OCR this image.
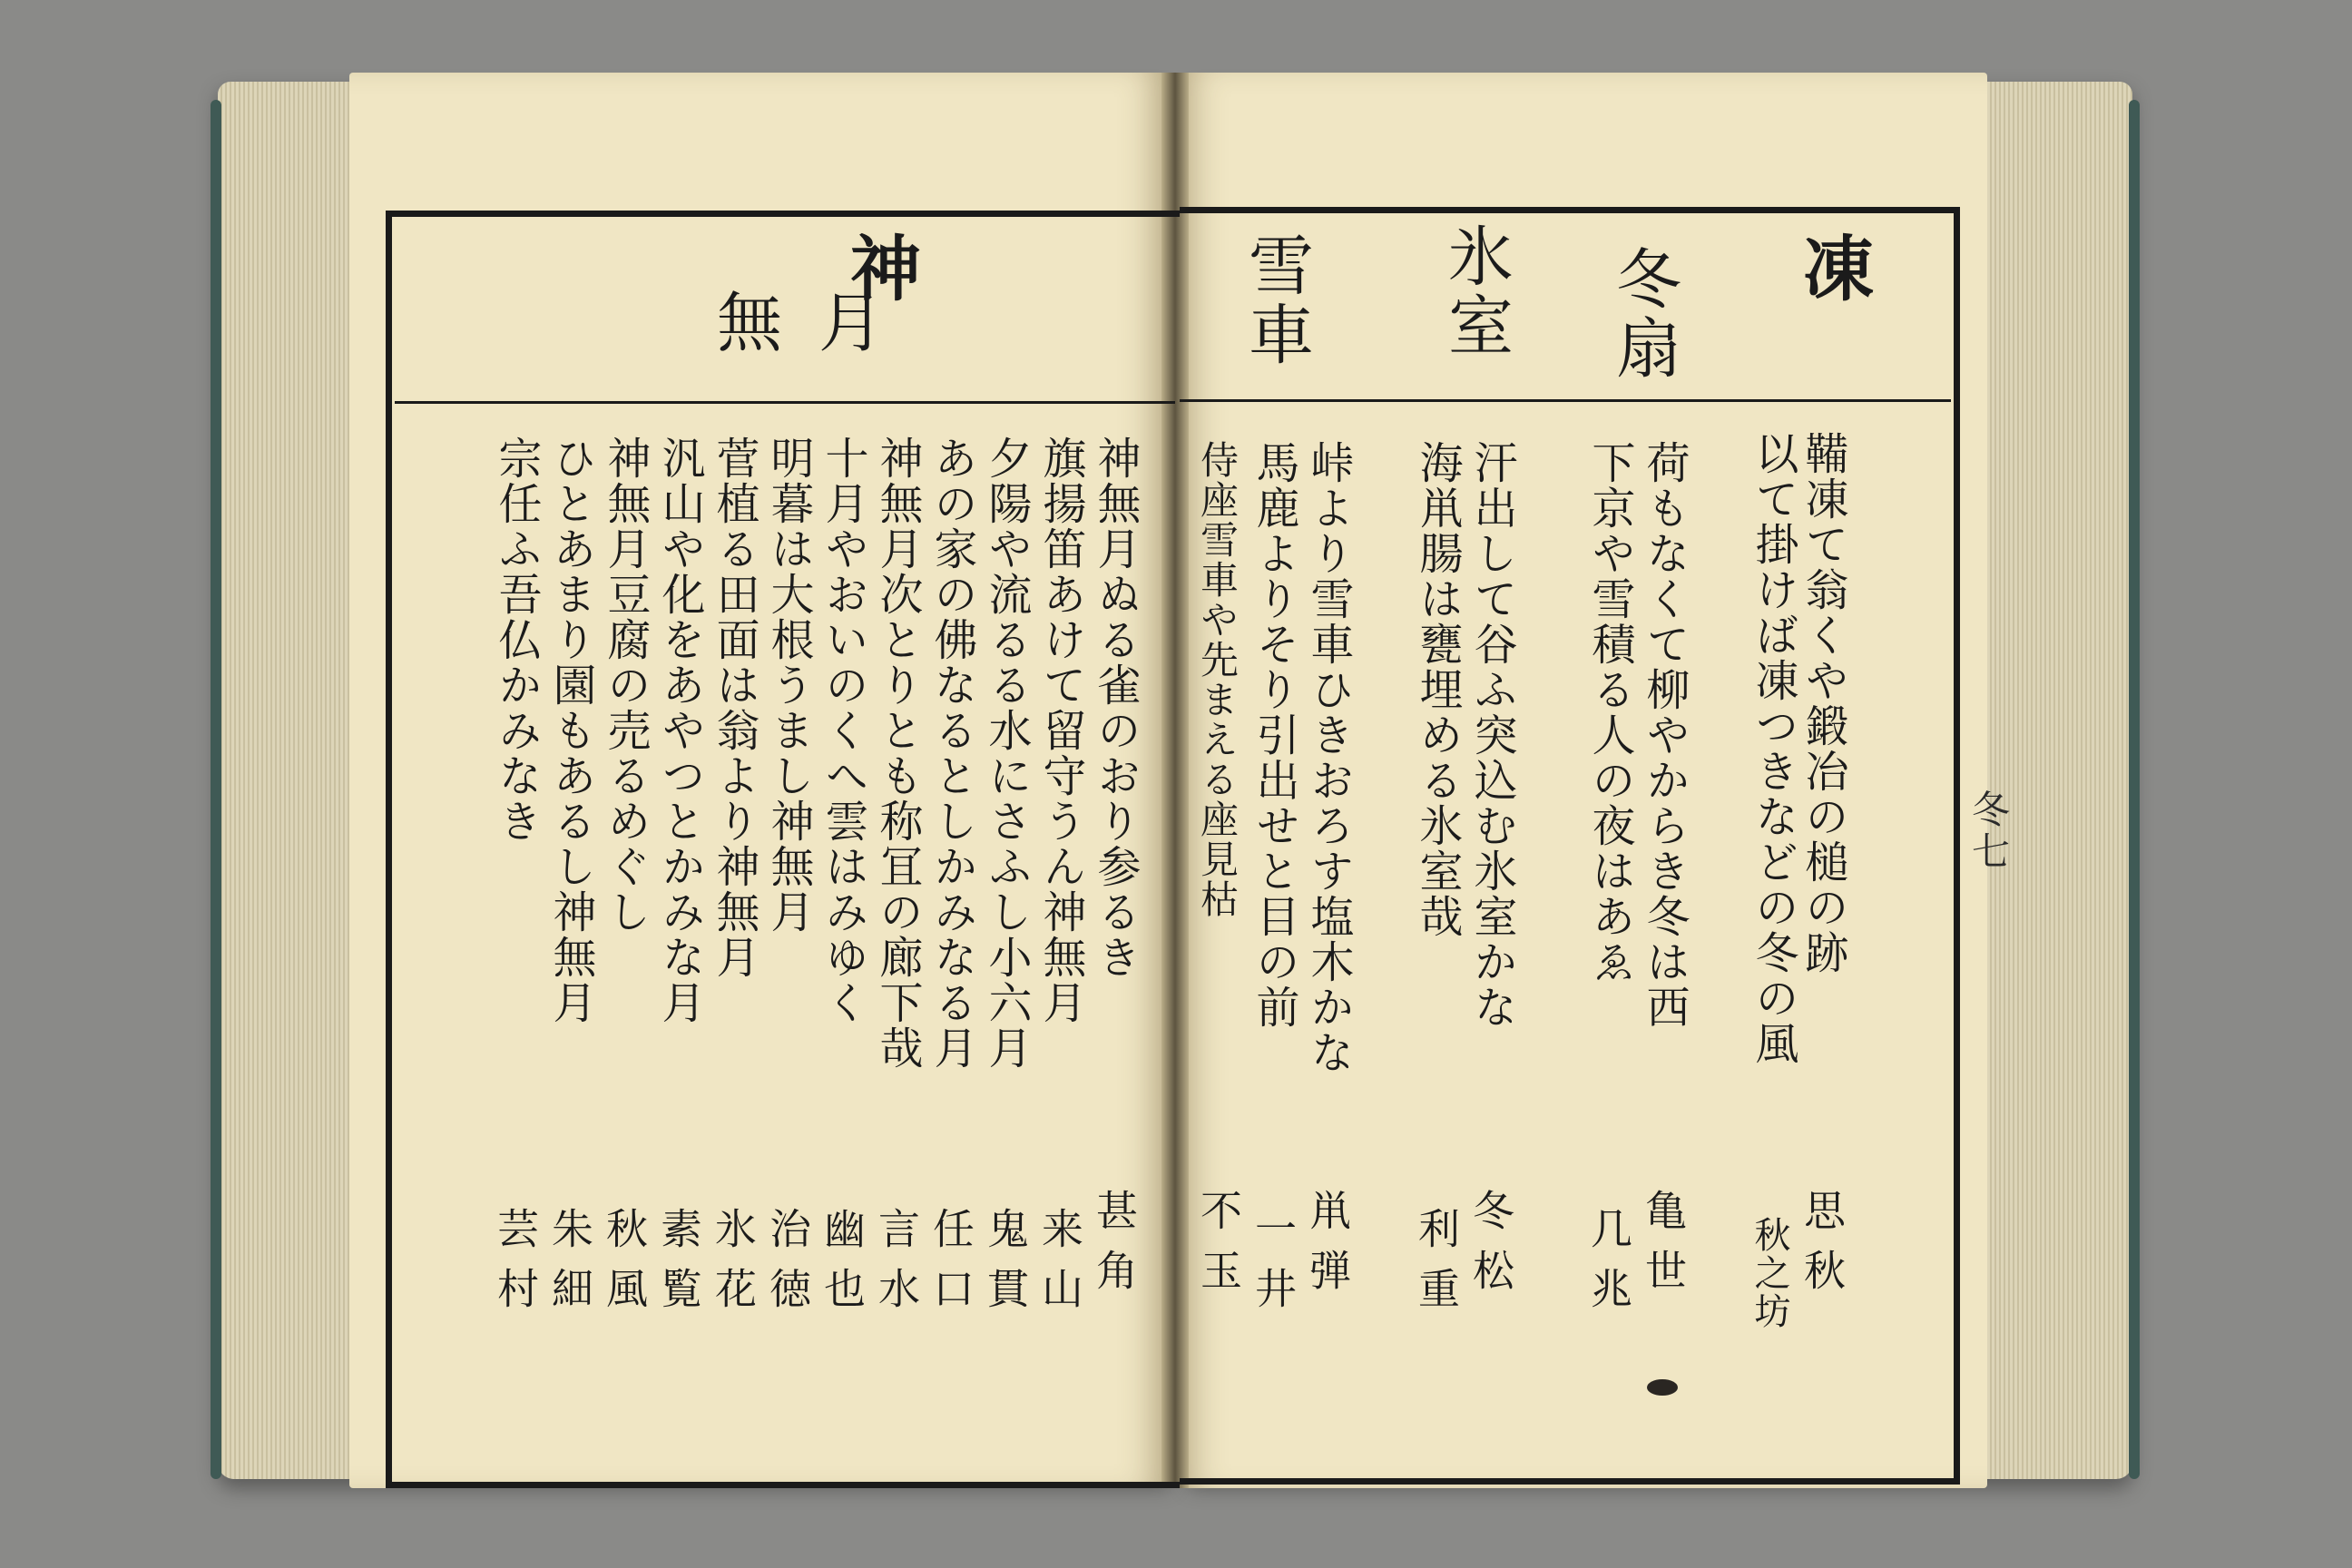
凍
冬扇
氷室
雪車
鞴凍て翁くや鍛冶の槌の跡
以て掛けば凍つきなどの冬の風
荷もなくて柳やからき冬は西
下京や雪積る人の夜はあゑ
汗出して谷ふ突込む氷室かな
海鼡腸は甕埋める氷室哉
峠より雪車ひきおろす塩木かな
馬鹿よりそり引出せと目の前
侍座雪車や先まえる座見枯
思秋
秋之坊
亀世
几兆
冬松
利重
鼡弾
一井
不玉
冬七
神
無月
神無月ぬる雀のおり参るき
旗揚笛あけて留守うん神無月
夕陽や流るる水にさふし小六月
あの家の佛なるとしかみなる月
神無月次とりとも称冝の廊下哉
十月やおいのくへ雲はみゆく
明暮は大根うまし神無月
菅植る田面は翁より神無月
汎山や化をあやつとかみな月
神無月豆腐の売るめぐし
ひとあまり園もあるし神無月
宗任ふ吾仏かみなき
甚角
来山
鬼貫
任口
言水
幽也
治徳
氷花
素覧
秋風
朱細
芸村
